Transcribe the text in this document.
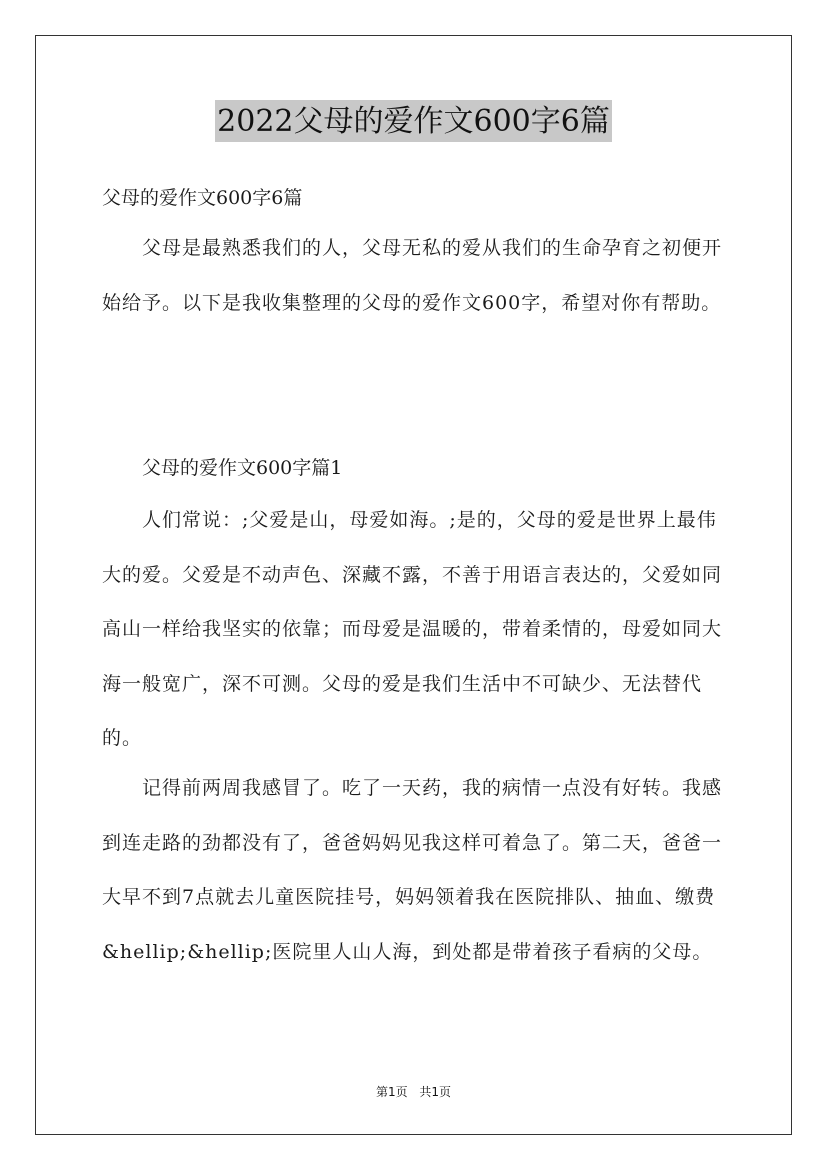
2022父母的爱作文600字6篇
父母的爱作文600字6篇
父母是最熟悉我们的人，父母无私的爱从我们的生命孕育之初便开始给予。以下是我收集整理的父母的爱作文600字，希望对你有帮助。
父母的爱作文600字篇1
人们常说：;父爱是山，母爱如海。;是的，父母的爱是世界上最伟大的爱。父爱是不动声色、深藏不露，不善于用语言表达的，父爱如同高山一样给我坚实的依靠；而母爱是温暖的，带着柔情的，母爱如同大海一般宽广，深不可测。父母的爱是我们生活中不可缺少、无法替代的。
记得前两周我感冒了。吃了一天药，我的病情一点没有好转。我感到连走路的劲都没有了，爸爸妈妈见我这样可着急了。第二天，爸爸一大早不到7点就去儿童医院挂号，妈妈领着我在医院排队、抽血、缴费&hellip;&hellip;医院里人山人海，到处都是带着孩子看病的父母。
第1页 共1页
